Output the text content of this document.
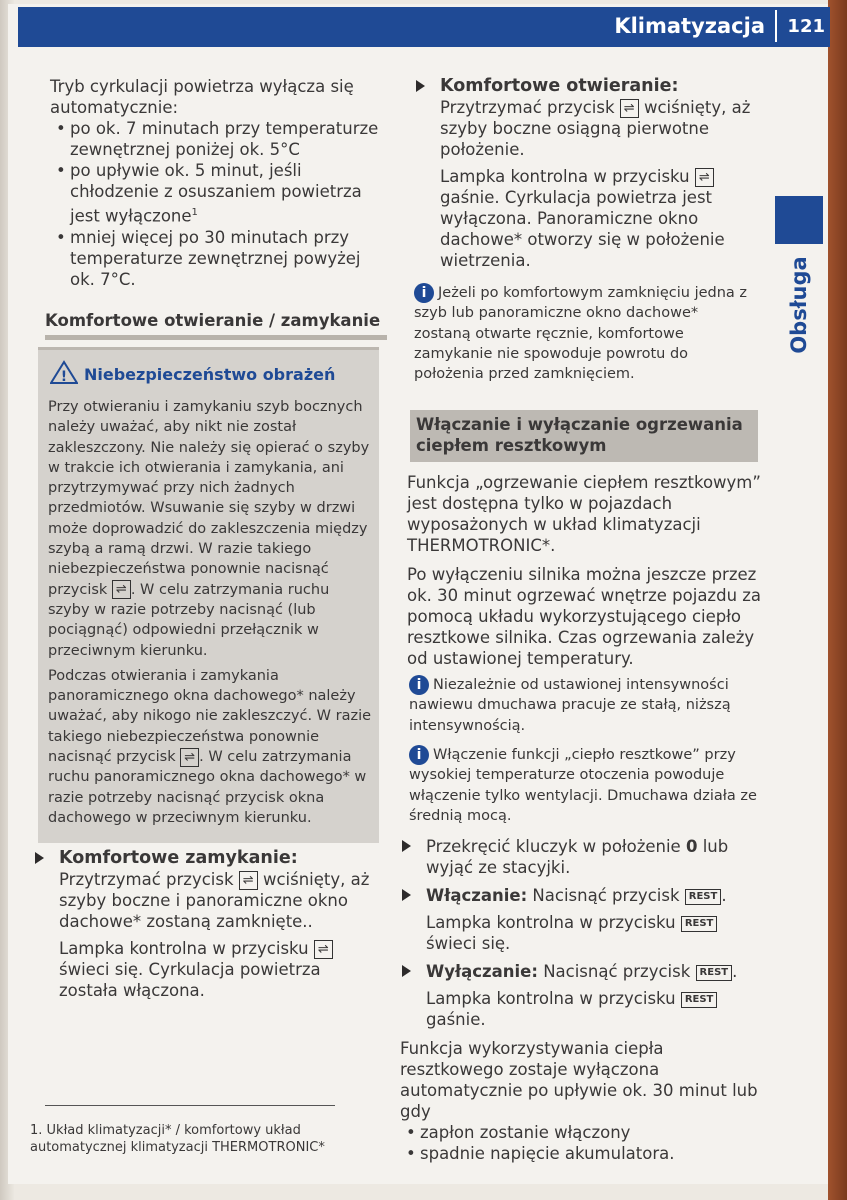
Klimatyzacja 121
Obsługa

Tryb cyrkulacji powietrza wyłącza się automatycznie:

• po ok. 7 minutach przy temperaturze zewnętrznej poniżej ok. 5°C
• po upływie ok. 5 minut, jeśli chłodzenie z osuszaniem powietrza jest wyłączone$^1$
• mniej więcej po 30 minutach przy temperaturze zewnętrznej powyżej ok. 7°C.
Komfortowe otwieranie / zamykanie
! Niebezpieczeństwo obrażeń

Przy otwieraniu i zamykaniu szyb bocznych należy uważać, aby nikt nie został zakleszczony. Nie należy się opierać o szyby w trakcie ich otwierania i zamykania, ani przytrzymywać przy nich żadnych przedmiotów. Wsuwanie się szyby w drzwi może doprowadzić do zakleszczenia między szybą a ramą drzwi. W razie takiego niebezpieczeństwa ponownie nacisnąć przycisk ⇌ . W celu zatrzymania ruchu szyby w razie potrzeby nacisnąć (lub pociągnąć) odpowiedni przełącznik w przeciwnym kierunku.

Podczas otwierania i zamykania panoramicznego okna dachowego* należy uważać, aby nikogo nie zakleszczyć. W razie takiego niebezpieczeństwa ponownie nacisnąć przycisk ⇌ . W celu zatrzymania ruchu panoramicznego okna dachowego* w razie potrzeby nacisnąć przycisk okna dachowego w przeciwnym kierunku.

Komfortowe zamykanie:

Przytrzymać przycisk ⇌ wciśnięty, aż szyby boczne i panoramiczne okno dachowe* zostaną zamknięte..

Lampka kontrolna w przycisku ⇌ świeci się. Cyrkulacja powietrza została włączona.

1. Układ klimatyzacji* / komfortowy układ automatycznej klimatyzacji THERMOTRONIC*

Komfortowe otwieranie:

Przytrzymać przycisk ⇌ wciśnięty, aż szyby boczne osiągną pierwotne położenie.

Lampka kontrolna w przycisku ⇌ gaśnie. Cyrkulacja powietrza jest wyłączona. Panoramiczne okno dachowe* otworzy się w położenie wietrzenia.

i Jeżeli po komfortowym zamknięciu jedna z szyb lub panoramiczne okno dachowe* zostaną otwarte ręcznie, komfortowe zamykanie nie spowoduje powrotu do położenia przed zamknięciem.
Włączanie i wyłączanie ogrzewania ciepłem resztkowym

Funkcja „ogrzewanie ciepłem resztkowym” jest dostępna tylko w pojazdach wyposażonych w układ klimatyzacji THERMOTRONIC*.

Po wyłączeniu silnika można jeszcze przez ok. 30 minut ogrzewać wnętrze pojazdu za pomocą układu wykorzystującego ciepło resztkowe silnika. Czas ogrzewania zależy od ustawionej temperatury.

i Niezależnie od ustawionej intensywności nawiewu dmuchawa pracuje ze stałą, niższą intensywnością.
i Włączenie funkcji „ciepło resztkowe” przy wysokiej temperaturze otoczenia powoduje włączenie tylko wentylacji. Dmuchawa działa ze średnią mocą.
Przekręcić kluczyk w położenie 0 lub wyjąć ze stacyjki.
Włączanie: Nacisnąć przycisk REST .

Lampka kontrolna w przycisku REST świeci się.

Wyłączanie: Nacisnąć przycisk REST .

Lampka kontrolna w przycisku REST gaśnie.

Funkcja wykorzystywania ciepła resztkowego zostaje wyłączona automatycznie po upływie ok. 30 minut lub gdy

• zapłon zostanie włączony
• spadnie napięcie akumulatora.
